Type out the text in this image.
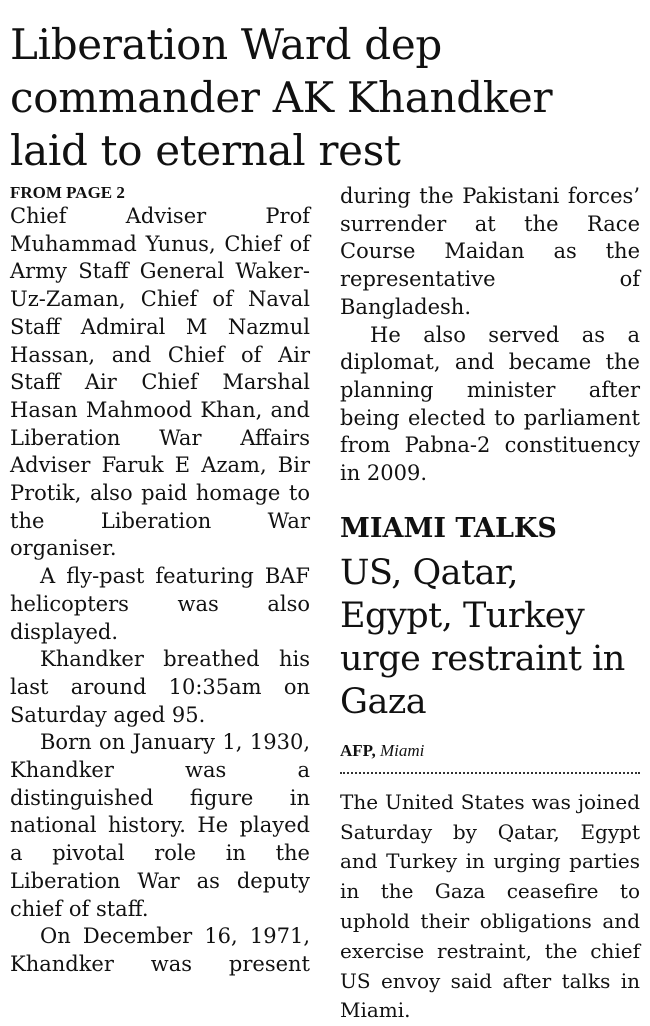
Liberation Ward dep commander AK Khandker laid to eternal rest

FROM PAGE 2

Chief Adviser Prof Muhammad Yunus, Chief of Army Staff General Waker-Uz-Zaman, Chief of Naval Staff Admiral M Nazmul Hassan, and Chief of Air Staff Air Chief Marshal Hasan Mahmood Khan, and Liberation War Affairs Adviser Faruk E Azam, Bir Protik, also paid homage to the Liberation War organiser.

A fly-past featuring BAF helicopters was also displayed.

Khandker breathed his last around 10:35am on Saturday aged 95.

Born on January 1, 1930, Khandker was a distinguished figure in national history. He played a pivotal role in the Liberation War as deputy chief of staff.

On December 16, 1971, Khandker was present

during the Pakistani forces’ surrender at the Race Course Maidan as the representative of Bangladesh.

He also served as a diplomat, and became the planning minister after being elected to parliament from Pabna-2 constituency in 2009.

MIAMI TALKS

US, Qatar, Egypt, Turkey urge restraint in Gaza

AFP, Miami

The United States was joined Saturday by Qatar, Egypt and Turkey in urging parties in the Gaza ceasefire to uphold their obligations and exercise restraint, the chief US envoy said after talks in Miami.
